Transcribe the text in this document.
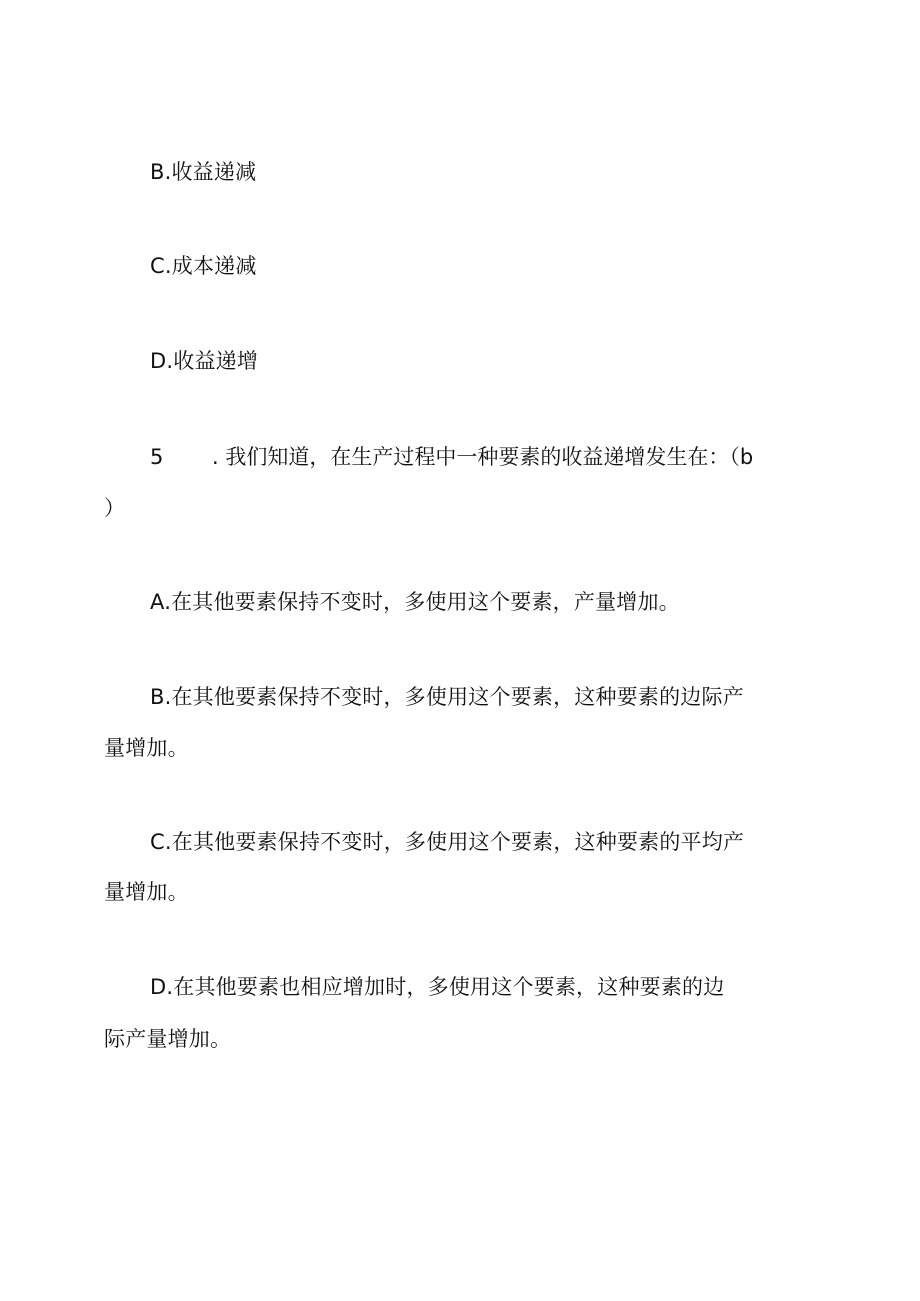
B.收益递减
C.成本递减
D.收益递增
5 . 我们知道，在生产过程中一种要素的收益递增发生在：（b
）
A.在其他要素保持不变时，多使用这个要素，产量增加。
B.在其他要素保持不变时，多使用这个要素，这种要素的边际产
量增加。
C.在其他要素保持不变时，多使用这个要素，这种要素的平均产
量增加。
D.在其他要素也相应增加时，多使用这个要素，这种要素的边
际产量增加。
